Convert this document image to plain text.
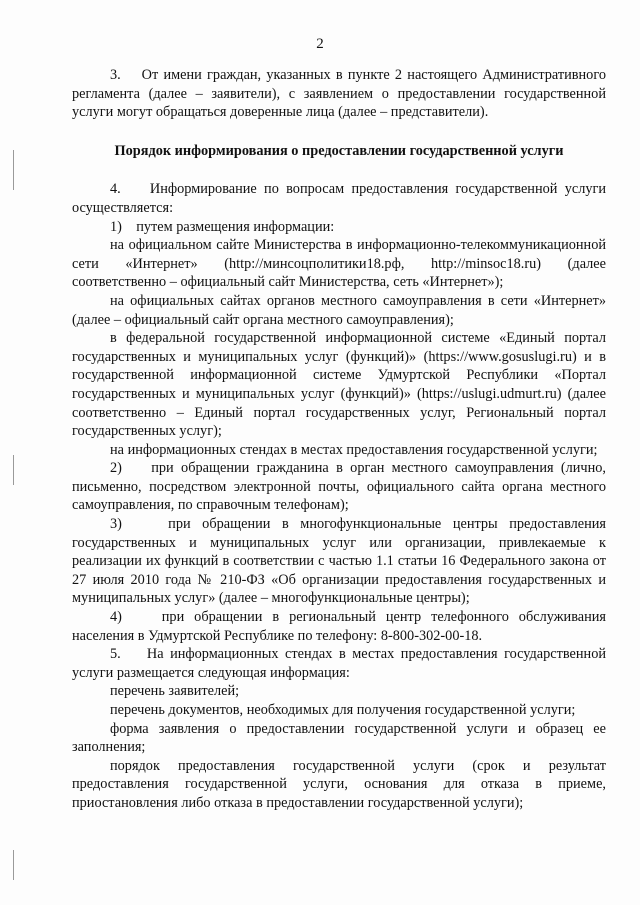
2

3.    От имени граждан, указанных в пункте 2 настоящего Административного регламента (далее – заявители), с заявлением о предоставлении государственной услуги могут обращаться доверенные лица (далее – представители).

Порядок информирования о предоставлении государственной услуги

4.    Информирование по вопросам предоставления государственной услуги осуществляется:

1)    путем размещения информации:

на официальном сайте Министерства в информационно-телекоммуникационной сети «Интернет» (http://минсоцполитики18.рф, http://minsoc18.ru) (далее соответственно – официальный сайт Министерства, сеть «Интернет»);

на официальных сайтах органов местного самоуправления в сети «Интернет» (далее – официальный сайт органа местного самоуправления);

в федеральной государственной информационной системе «Единый портал государственных и муниципальных услуг (функций)» (https://www.gosuslugi.ru) и в государственной информационной системе Удмуртской Республики «Портал государственных и муниципальных услуг (функций)» (https://uslugi.udmurt.ru) (далее соответственно – Единый портал государственных услуг, Региональный портал государственных услуг);

на информационных стендах в местах предоставления государственной услуги;

2)    при обращении гражданина в орган местного самоуправления (лично, письменно, посредством электронной почты, официального сайта органа местного самоуправления, по справочным телефонам);

3)    при обращении в многофункциональные центры предоставления государственных и муниципальных услуг или организации, привлекаемые к реализации их функций в соответствии с частью 1.1 статьи 16 Федерального закона от 27 июля 2010 года № 210-ФЗ «Об организации предоставления государственных и муниципальных услуг» (далее – многофункциональные центры);

4)    при обращении в региональный центр телефонного обслуживания населения в Удмуртской Республике по телефону: 8-800-302-00-18.

5.    На информационных стендах в местах предоставления государственной услуги размещается следующая информация:

перечень заявителей;

перечень документов, необходимых для получения государственной услуги;

форма заявления о предоставлении государственной услуги и образец ее заполнения;

порядок предоставления государственной услуги (срок и результат предоставления государственной услуги, основания для отказа в приеме, приостановления либо отказа в предоставлении государственной услуги);
